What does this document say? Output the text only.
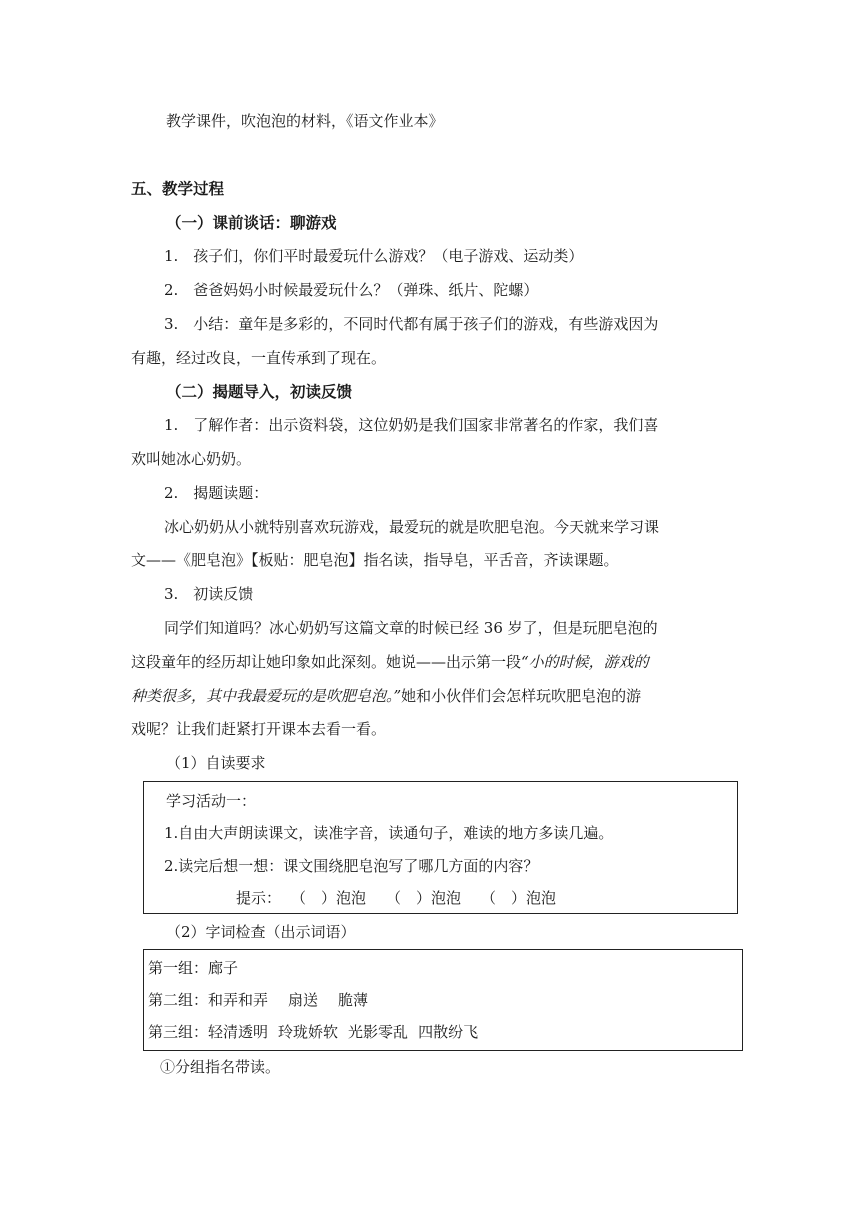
教学课件，吹泡泡的材料，《语文作业本》
五、教学过程
（一）课前谈话：聊游戏
1.　孩子们，你们平时最爱玩什么游戏？（电子游戏、运动类）
2.　爸爸妈妈小时候最爱玩什么？（弹珠、纸片、陀螺）
3.　小结：童年是多彩的，不同时代都有属于孩子们的游戏，有些游戏因为
有趣，经过改良，一直传承到了现在。
（二）揭题导入，初读反馈
1.　了解作者：出示资料袋，这位奶奶是我们国家非常著名的作家，我们喜
欢叫她冰心奶奶。
2.　揭题读题：
冰心奶奶从小就特别喜欢玩游戏，最爱玩的就是吹肥皂泡。今天就来学习课
文——《肥皂泡》【板贴：肥皂泡】指名读，指导皂，平舌音，齐读课题。
3.　初读反馈
同学们知道吗？冰心奶奶写这篇文章的时候已经 36 岁了，但是玩肥皂泡的
这段童年的经历却让她印象如此深刻。她说——出示第一段“小的时候，游戏的
种类很多，其中我最爱玩的是吹肥皂泡。”她和小伙伴们会怎样玩吹肥皂泡的游
戏呢？让我们赶紧打开课本去看一看。
（1）自读要求
学习活动一：
1.自由大声朗读课文，读准字音，读通句子，难读的地方多读几遍。
2.读完后想一想：课文围绕肥皂泡写了哪几方面的内容？
提示： （　）泡泡 （　）泡泡 （　）泡泡
（2）字词检查（出示词语）
第一组：廊子
第二组：和弄和弄 扇送 脆薄
第三组：轻清透明 玲珑娇软 光影零乱 四散纷飞
①分组指名带读。
